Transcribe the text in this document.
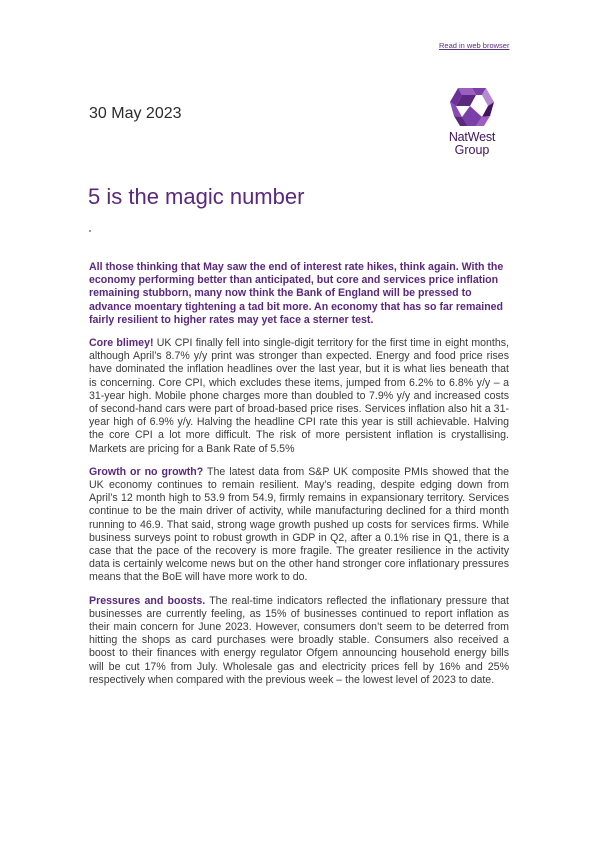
Read in web browser
30 May 2023
NatWest
Group
5 is the magic number

All those thinking that May saw the end of interest rate hikes, think again. With the economy performing better than anticipated, but core and services price inflation remaining stubborn, many now think the Bank of England will be pressed to advance moentary tightening a tad bit more. An economy that has so far remained fairly resilient to higher rates may yet face a sterner test.

Core blimey! UK CPI finally fell into single-digit territory for the first time in eight months, although April’s 8.7% y/y print was stronger than expected. Energy and food price rises have dominated the inflation headlines over the last year, but it is what lies beneath that is concerning. Core CPI, which excludes these items, jumped from 6.2% to 6.8% y/y – a 31-year high. Mobile phone charges more than doubled to 7.9% y/y and increased costs of second-hand cars were part of broad-based price rises. Services inflation also hit a 31-year high of 6.9% y/y. Halving the headline CPI rate this year is still achievable. Halving the core CPI a lot more difficult. The risk of more persistent inflation is crystallising. Markets are pricing for a Bank Rate of 5.5%

Growth or no growth? The latest data from S&P UK composite PMIs showed that the UK economy continues to remain resilient. May’s reading, despite edging down from April’s 12 month high to 53.9 from 54.9, firmly remains in expansionary territory. Services continue to be the main driver of activity, while manufacturing declined for a third month running to 46.9. That said, strong wage growth pushed up costs for services firms. While business surveys point to robust growth in GDP in Q2, after a 0.1% rise in Q1, there is a case that the pace of the recovery is more fragile. The greater resilience in the activity data is certainly welcome news but on the other hand stronger core inflationary pressures means that the BoE will have more work to do.

Pressures and boosts. The real-time indicators reflected the inflationary pressure that businesses are currently feeling, as 15% of businesses continued to report inflation as their main concern for June 2023. However, consumers don’t seem to be deterred from hitting the shops as card purchases were broadly stable. Consumers also received a boost to their finances with energy regulator Ofgem announcing household energy bills will be cut 17% from July. Wholesale gas and electricity prices fell by 16% and 25% respectively when compared with the previous week – the lowest level of 2023 to date.
